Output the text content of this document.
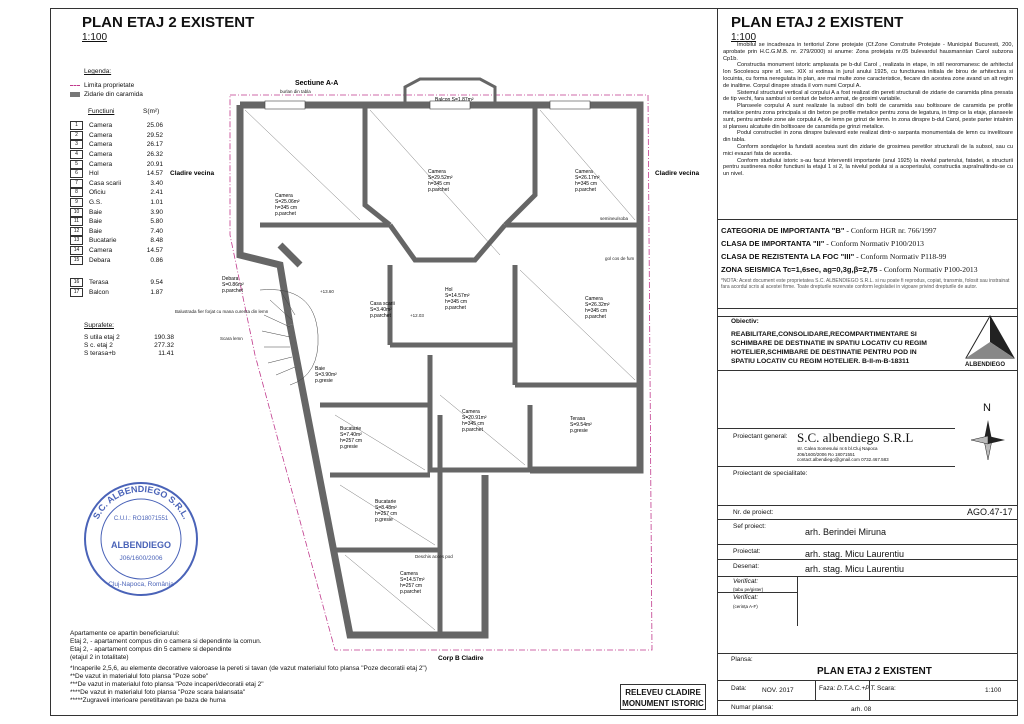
PLAN ETAJ 2 EXISTENT
1:100
Legenda:
Limita proprietate
Zidarie din caramida
Functiuni	S(m²)
1	Camera	25.06
2	Camera	29.52
3	Camera	26.17
4	Camera	26.32
5	Camera	20.91
6	Hol	14.57
7	Casa scarii	3.40
8	Oficiu	2.41
9	G.S.	1.01
10	Baie	3.90
11	Baie	5.80
12	Baie	7.40
13	Bucatarie	8.48
14	Camera	14.57
15	Debara	0.86
16	Terasa	9.54
17	Balcon	1.87
Suprafete:
S utila etaj 2	190.38
S c. etaj 2	277.32
S terasa+b	11.41
S.C. ALBENDIEGO S.R.L.
C.U.I.: RO18071551
ALBENDIEGO
J06/1600/2006
Cluj-Napoca, România
Apartamente ce apartin beneficiarului:
Etaj 2, - apartament compus din o camera si dependinte la comun.
Etaj 2, - apartament compus din 5 camere si dependinte
(etajul 2 in totalitate)
*Incaperile 2,5,6, au elemente decorative valoroase la pereti si tavan (de vazut materialul foto plansa "Poze decoratii etaj 2")
**De vazut in materialul foto plansa "Poze sobe"
***De vazut in materialul foto plansa "Poze incaperi/decoratii etaj 2"
****De vazut in materialul foto plansa "Poze scara balansata"
*****Zugraveli interioare peretiltavan pe baza de huma
RELEVEU CLADIRE
MONUMENT ISTORIC
Sectiune A-A
Cladire vecina	Cladire vecina
Balcon S=1.87m²
Camera
S=25.06m²
h=345 cm
p.parchet
Camera
S=29.52m²
h=345 cm
p.parchet
Camera
S=26.17m²
h=345 cm
p.parchet
Hol
S=14.57m²
h=345 cm
p.parchet
Camera
S=26.32m²
h=345 cm
p.parchet
Camera
S=20.91m²
h=345 cm
p.parchet
Terasa
S=9.54m²
p.gresie
Bucatarie
S=7.40m²
h=257 cm
p.gresie
Bucatarie
S=8.48m²
h=257 cm
p.gresie
Camera
S=14.57m²
h=257 cm
p.parchet
Baie
S=3.90m²
p.gresie
Casa scarii
S=3.40m²
p.parchet
Debara
S=0.86m²
p.parchet
burlan din tabla
semineu/soba
gol cos de fum
Scara lemn
Balustrada fier forjat cu mana curenta din lemn
+13.60
+12.03
Deschis acces pod
Corp B Cladire
PLAN ETAJ 2 EXISTENT
1:100
Imobilul se incadreaza in teritoriul Zone protejate (Cf.Zone Construite Protejate - Municipiul Bucuresti, 200, aprobate prin H.C.G.M.B. nr. 279/2000) si anume: Zona protejata nr.05 bulevardul hausmannian Carol subzona Cp1b.
Constructia monument istoric amplasata pe b-dul Carol , realizata in etape, in stil neoromanesc de arhitectul Ion Socolescu spre sf. sec. XIX si extinsa in jurul anului 1925, cu functiunea initiala de birou de arhitectura si locuinta, cu forma neregulata in plan, are mai multe zone caracteristice, fiecare din acestea zone avand un alt regim de inaltime. Corpul dinspre strada il vom numi Corpul A.
Sistemul structural vertical al corpului A a fost realizat din pereti structurali de zidarie de caramida plina presata de tip vechi, fara samburi si centuri de beton armat, de grosimi variabile.
Planseele corpului A sunt realizate la subsol din bolti de caramida sau boltisoare de caramida pe profile metalice pentru zona principala si din beton pe profile metalice pentru zona de legatura, in timp ce la etaje, planseele sunt, pentru ambele zone ale corpului A, de lemn pe grinzi de lemn. In zona dinspre b-dul Carol, peste parter intalnim si planseu alcatuite din boltisoare de caramida pe grinzi metalice.
Podul constructiei in zona dinspre bulevard este realizat dintr-o sarpanta monumentala de lemn cu invelitoare din tabla.
Conform sondajelor la fundatii acestea sunt din zidarie de grosimea peretilor structurali de la subsol, sau cu mici evazari fata de acestia.
Conform studiului istoric s-au facut interventii importante (anul 1925) la nivelul parterului, fatadei, a structurii pentru sustinerea noilor functiuni la etajul 1 si 2, la nivelul podului si a acoperisului, constructia supraInaltindu-se cu un nivel.
CATEGORIA DE IMPORTANTA "B" - Conform HGR nr. 766/1997
CLASA DE IMPORTANTA "II" - Conform Normativ P100/2013
CLASA DE REZISTENTA LA FOC "III" - Conform Normativ P118-99
ZONA SEISMICA Tc=1,6sec, ag=0,3g,β=2,75 - Conform Normativ P100-2013
*NOTA: Acest document este proprietatea S.C. ALBENDIEGO S.R.L. si nu poate fi reprodus, copiat, transmis, folosit sau instrainat fara acordul scris al acestei firme. Toate drepturile rezervate conform legislatiei in vigoare privind drepturile de autor.
Obiectiv:
REABILITARE,CONSOLIDARE,RECOMPARTIMENTARE SI SCHIMBARE DE DESTINATIE IN SPATIU LOCATIV CU REGIM HOTELIER,SCHIMBARE DE DESTINATIE PENTRU POD IN SPATIU LOCATIV CU REGIM HOTELIER. B-II-m-B-18311	ALBENDIEGO
N
Proiectant general: S.C. albendiego S.R.L
str. Calea Somesului nr.6 bl.Cluj Napoca
J06/1600/2006 Rо 18071551
contact.albendiego@gmail.com 0732.467.583
Proiectant de specialitate:
Nr. de proiect:	AGO.47-17
Sef proiect:
arh. Berindei Miruna
Proiectat:	arh. stag. Micu Laurentiu
Desenat:	arh. stag. Micu Laurentiu
Verificat:
(tabu pe/gister)
Verificat:
(cerința A-F)
Plansa:
PLAN ETAJ 2 EXISTENT
Data: NOV. 2017	Faza: D.T.A.C.+P.T. Scara:	1:100
Numar plansa:	arh. 08
